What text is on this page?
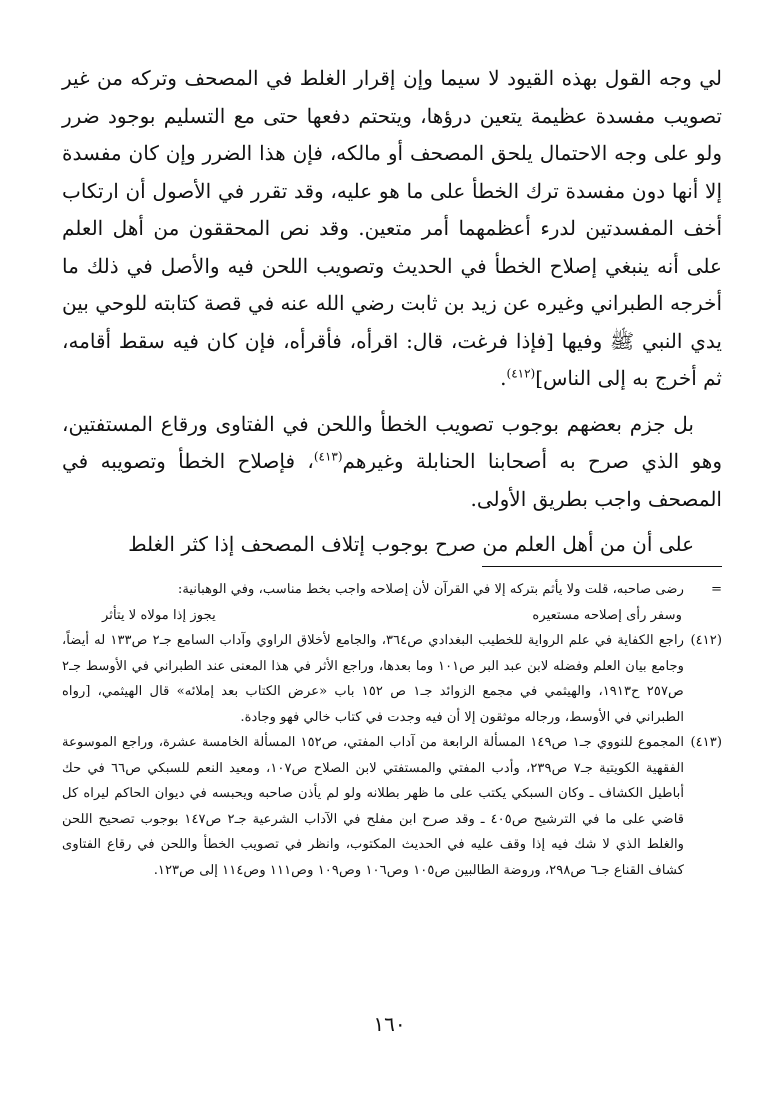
لي وجه القول بهذه القيود لا سيما وإن إقرار الغلط في المصحف وتركه من غير تصويب مفسدة عظيمة يتعين درؤها، ويتحتم دفعها حتى مع التسليم بوجود ضرر ولو على وجه الاحتمال يلحق المصحف أو مالكه، فإن هذا الضرر وإن كان مفسدة إلا أنها دون مفسدة ترك الخطأ على ما هو عليه، وقد تقرر في الأصول أن ارتكاب أخف المفسدتين لدرء أعظمهما أمر متعين. وقد نص المحققون من أهل العلم على أنه ينبغي إصلاح الخطأ في الحديث وتصويب اللحن فيه والأصل في ذلك ما أخرجه الطبراني وغيره عن زيد بن ثابت رضي الله عنه في قصة كتابته للوحي بين يدي النبي ﷺ وفيها [فإذا فرغت، قال: اقرأه، فأقرأه، فإن كان فيه سقط أقامه، ثم أخرج به إلى الناس]$^{(٤١٢)}$.

بل جزم بعضهم بوجوب تصويب الخطأ واللحن في الفتاوى ورقاع المستفتين، وهو الذي صرح به أصحابنا الحنابلة وغيرهم$^{(٤١٣)}$، فإصلاح الخطأ وتصويبه في المصحف واجب بطريق الأولى.

على أن من أهل العلم من صرح بوجوب إتلاف المصحف إذا كثر الغلط

=
رضى صاحبه، قلت ولا يأثم بتركه إلا في القرآن لأن إصلاحه واجب بخط مناسب، وفي الوهبانية:
وسفر رأى إصلاحه مستعيره
يجوز إذا مولاه لا يتأثر
(٤١٢)
راجع الكفاية في علم الرواية للخطيب البغدادي ص٣٦٤، والجامع لأخلاق الراوي وآداب السامع جـ٢ ص١٣٣ له أيضاً، وجامع بيان العلم وفضله لابن عبد البر ص١٠١ وما بعدها، وراجع الأثر في هذا المعنى عند الطبراني في الأوسط جـ٢ ص٢٥٧ ح١٩١٣، والهيثمي في مجمع الزوائد جـ١ ص ١٥٢ باب «عرض الكتاب بعد إملائه» قال الهيثمي، [رواه الطبراني في الأوسط، ورجاله موثقون إلا أن فيه وجدت في كتاب خالي فهو وجادة.
(٤١٣)
المجموع للنووي جـ١ ص١٤٩ المسألة الرابعة من آداب المفتي، ص١٥٢ المسألة الخامسة عشرة، وراجع الموسوعة الفقهية الكويتية جـ٧ ص٢٣٩، وأدب المفتي والمستفتي لابن الصلاح ص١٠٧، ومعيد النعم للسبكي ص٦٦ في حك أباطيل الكشاف ـ وكان السبكي يكتب على ما ظهر بطلانه ولو لم يأذن صاحبه ويحبسه في ديوان الحاكم ليراه كل قاضي على ما في الترشيح ص٤٠٥ ـ وقد صرح ابن مفلح في الآداب الشرعية جـ٢ ص١٤٧ بوجوب تصحيح اللحن والغلط الذي لا شك فيه إذا وقف عليه في الحديث المكتوب، وانظر في تصويب الخطأ واللحن في رقاع الفتاوى كشاف القناع جـ٦ ص٢٩٨، وروضة الطالبين ص١٠٥ وص١٠٦ وص١٠٩ وص١١١ وص١١٤ إلى ص١٢٣.
١٦٠
